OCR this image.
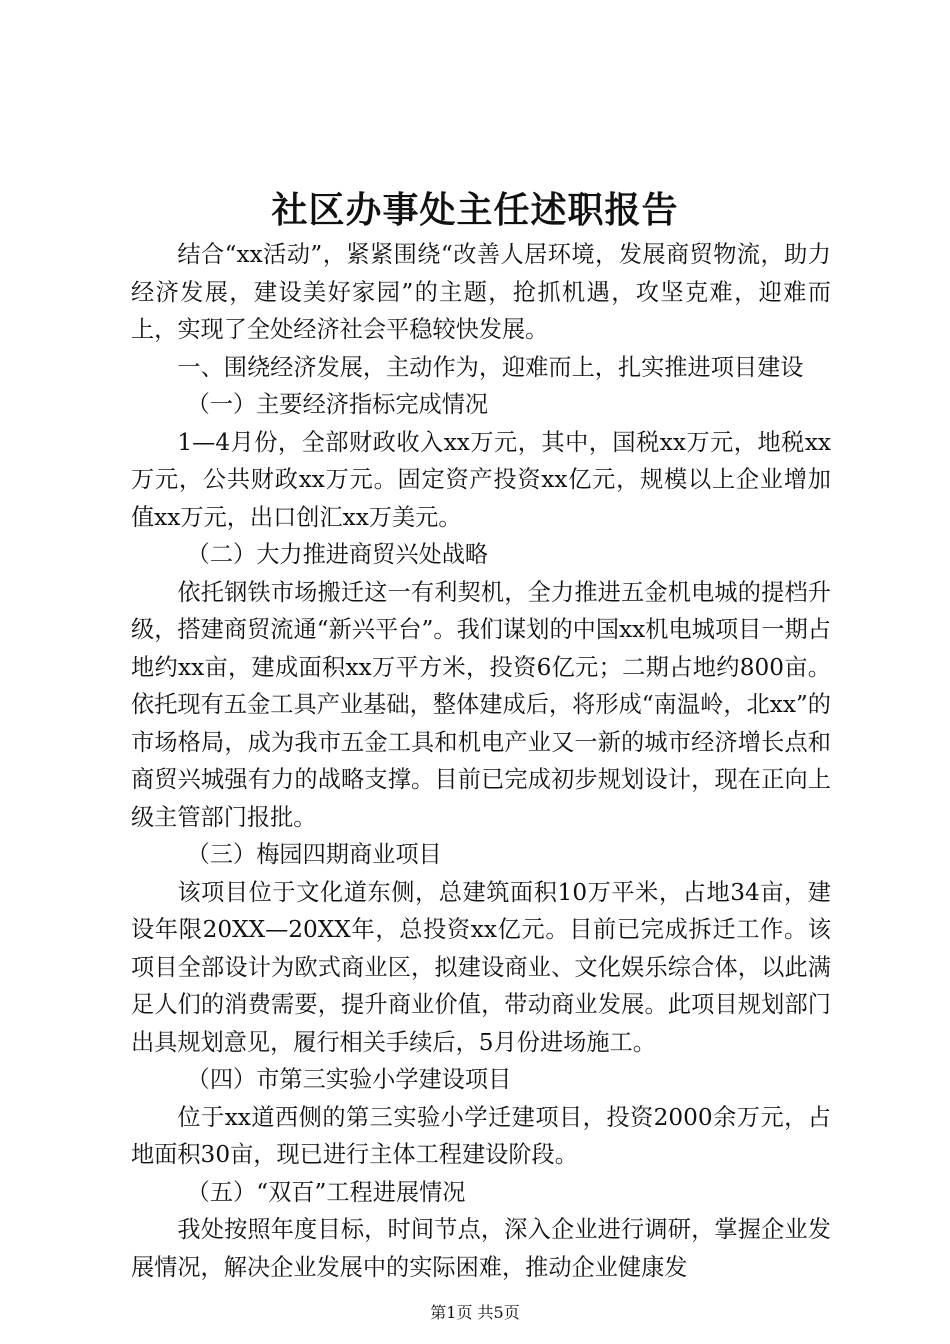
社区办事处主任述职报告

结合“xx活动”，紧紧围绕“改善人居环境，发展商贸物流，助力经济发展，建设美好家园”的主题，抢抓机遇，攻坚克难，迎难而上，实现了全处经济社会平稳较快发展。

一、围绕经济发展，主动作为，迎难而上，扎实推进项目建设

（一）主要经济指标完成情况

1—4月份，全部财政收入xx万元，其中，国税xx万元，地税xx万元，公共财政xx万元。固定资产投资xx亿元，规模以上企业增加值xx万元，出口创汇xx万美元。

（二）大力推进商贸兴处战略

依托钢铁市场搬迁这一有利契机，全力推进五金机电城的提档升级，搭建商贸流通“新兴平台”。我们谋划的中国xx机电城项目一期占地约xx亩，建成面积xx万平方米，投资6亿元；二期占地约800亩。依托现有五金工具产业基础，整体建成后，将形成“南温岭，北xx”的市场格局，成为我市五金工具和机电产业又一新的城市经济增长点和商贸兴城强有力的战略支撑。目前已完成初步规划设计，现在正向上级主管部门报批。

（三）梅园四期商业项目

该项目位于文化道东侧，总建筑面积10万平米，占地34亩，建设年限20XX—20XX年，总投资xx亿元。目前已完成拆迁工作。该项目全部设计为欧式商业区，拟建设商业、文化娱乐综合体，以此满足人们的消费需要，提升商业价值，带动商业发展。此项目规划部门出具规划意见，履行相关手续后，5月份进场施工。

（四）市第三实验小学建设项目

位于xx道西侧的第三实验小学迁建项目，投资2000余万元，占地面积30亩，现已进行主体工程建设阶段。

（五）“双百”工程进展情况

我处按照年度目标，时间节点，深入企业进行调研，掌握企业发展情况，解决企业发展中的实际困难，推动企业健康发

第1页 共5页
